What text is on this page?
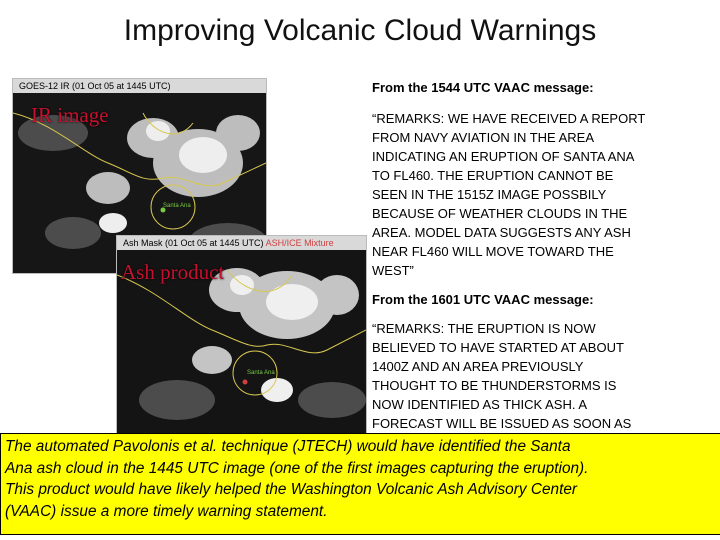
Improving Volcanic Cloud Warnings
GOES-12 IR (01 Oct 05 at 1445 UTC)
Santa Ana
IR image
Ash Mask (01 Oct 05 at 1445 UTC) ASH/ICE Mixture
Santa Ana
Ash product
From the 1544 UTC VAAC message:
“REMARKS: WE HAVE RECEIVED A REPORT
FROM NAVY AVIATION IN THE AREA
INDICATING AN ERUPTION OF SANTA ANA
TO FL460. THE ERUPTION CANNOT BE
SEEN IN THE 1515Z IMAGE POSSBILY
BECAUSE OF WEATHER CLOUDS IN THE
AREA. MODEL DATA SUGGESTS ANY ASH
NEAR FL460 WILL MOVE TOWARD THE
WEST”
From the 1601 UTC VAAC message:
“REMARKS: THE ERUPTION IS NOW
BELIEVED TO HAVE STARTED AT ABOUT
1400Z AND AN AREA PREVIOUSLY
THOUGHT TO BE THUNDERSTORMS IS
NOW IDENTIFIED AS THICK ASH. A
FORECAST WILL BE ISSUED AS SOON AS
The automated Pavolonis et al. technique (JTECH) would have identified the Santa
Ana ash cloud in the 1445 UTC image (one of the first images capturing the eruption).
This product would have likely helped the Washington Volcanic Ash Advisory Center
(VAAC) issue a more timely warning statement.
